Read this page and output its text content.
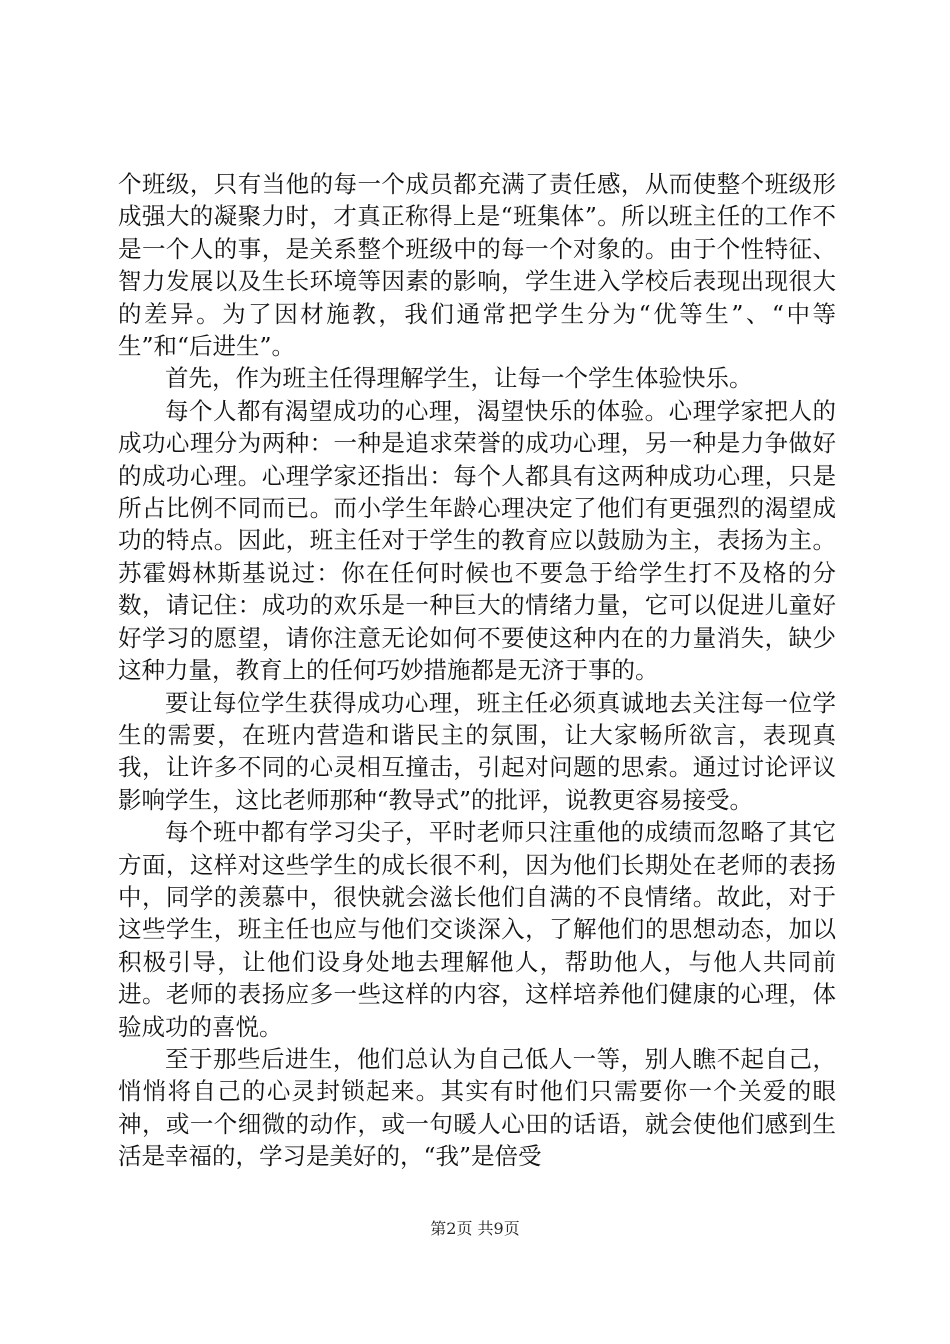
个班级，只有当他的每一个成员都充满了责任感，从而使整个班级形成强大的凝聚力时，才真正称得上是“班集体”。所以班主任的工作不是一个人的事，是关系整个班级中的每一个对象的。由于个性特征、智力发展以及生长环境等因素的影响，学生进入学校后表现出现很大的差异。为了因材施教，我们通常把学生分为“优等生”、“中等生”和“后进生”。

首先，作为班主任得理解学生，让每一个学生体验快乐。

每个人都有渴望成功的心理，渴望快乐的体验。心理学家把人的成功心理分为两种：一种是追求荣誉的成功心理，另一种是力争做好的成功心理。心理学家还指出：每个人都具有这两种成功心理，只是所占比例不同而已。而小学生年龄心理决定了他们有更强烈的渴望成功的特点。因此，班主任对于学生的教育应以鼓励为主，表扬为主。苏霍姆林斯基说过：你在任何时候也不要急于给学生打不及格的分数，请记住：成功的欢乐是一种巨大的情绪力量，它可以促进儿童好好学习的愿望，请你注意无论如何不要使这种内在的力量消失，缺少这种力量，教育上的任何巧妙措施都是无济于事的。

要让每位学生获得成功心理，班主任必须真诚地去关注每一位学生的需要，在班内营造和谐民主的氛围，让大家畅所欲言，表现真我，让许多不同的心灵相互撞击，引起对问题的思索。通过讨论评议影响学生，这比老师那种“教导式”的批评，说教更容易接受。

每个班中都有学习尖子，平时老师只注重他的成绩而忽略了其它方面，这样对这些学生的成长很不利，因为他们长期处在老师的表扬中，同学的羡慕中，很快就会滋长他们自满的不良情绪。故此，对于这些学生，班主任也应与他们交谈深入，了解他们的思想动态，加以积极引导，让他们设身处地去理解他人，帮助他人，与他人共同前进。老师的表扬应多一些这样的内容，这样培养他们健康的心理，体验成功的喜悦。

至于那些后进生，他们总认为自己低人一等，别人瞧不起自己，悄悄将自己的心灵封锁起来。其实有时他们只需要你一个关爱的眼神，或一个细微的动作，或一句暖人心田的话语，就会使他们感到生活是幸福的，学习是美好的，“我”是倍受

第2页 共9页
